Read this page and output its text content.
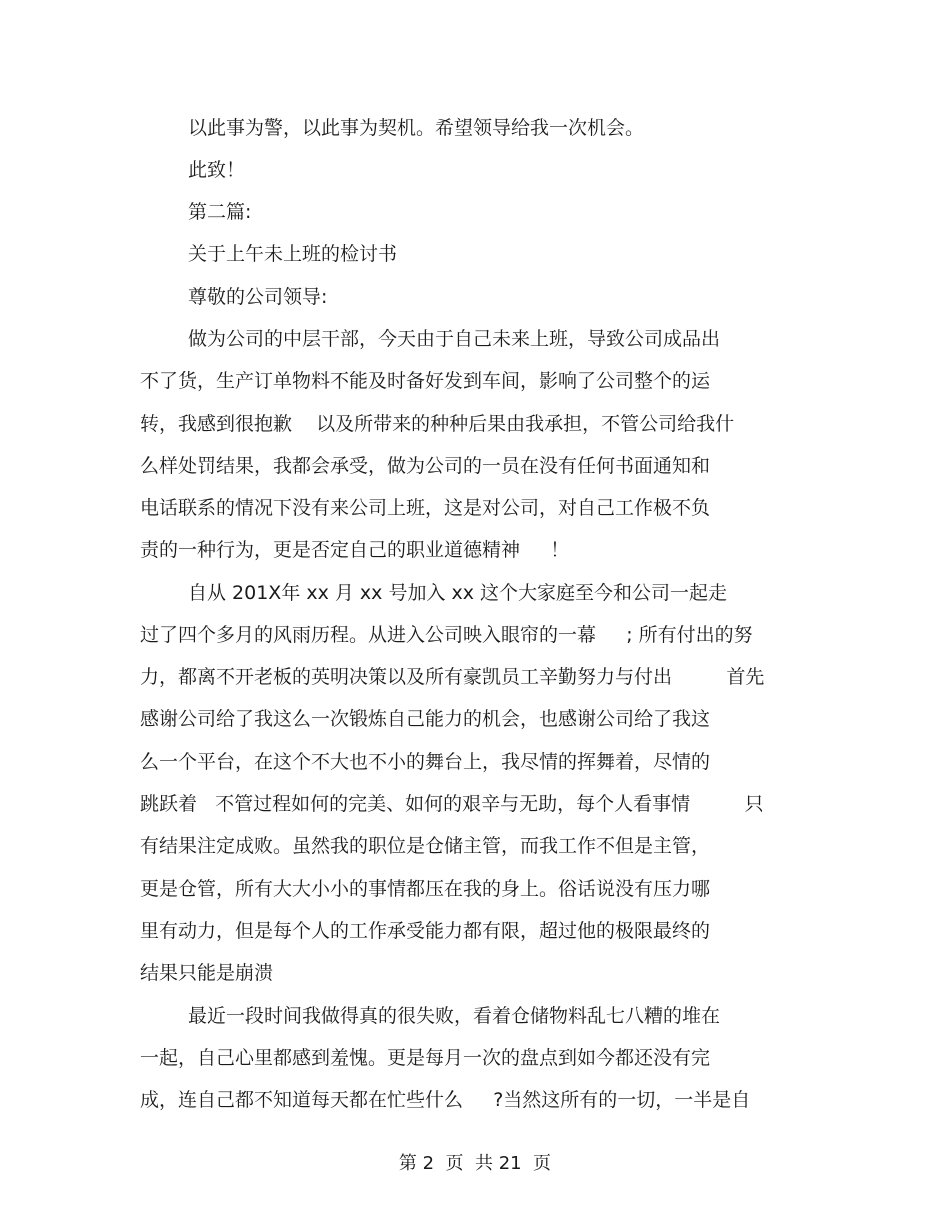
以此事为警，以此事为契机。希望领导给我一次机会。

此致！

第二篇:

关于上午未上班的检讨书

尊敬的公司领导:

做为公司的中层干部，今天由于自己未来上班，导致公司成品出

不了货，生产订单物料不能及时备好发到车间，影响了公司整个的运

转，我感到很抱歉    以及所带来的种种后果由我承担，不管公司给我什

么样处罚结果，我都会承受，做为公司的一员在没有任何书面通知和

电话联系的情况下没有来公司上班，这是对公司，对自己工作极不负

责的一种行为，更是否定自己的职业道德精神     ！

自从 201X年 xx 月 xx 号加入 xx 这个大家庭至今和公司一起走

过了四个多月的风雨历程。从进入公司映入眼帘的一幕     ; 所有付出的努

力，都离不开老板的英明决策以及所有豪凯员工辛勤努力与付出         首先

感谢公司给了我这么一次锻炼自己能力的机会，也感谢公司给了我这

么一个平台，在这个不大也不小的舞台上，我尽情的挥舞着，尽情的

跳跃着   不管过程如何的完美、如何的艰辛与无助，每个人看事情         只

有结果注定成败。虽然我的职位是仓储主管，而我工作不但是主管，

更是仓管，所有大大小小的事情都压在我的身上。俗话说没有压力哪

里有动力，但是每个人的工作承受能力都有限，超过他的极限最终的

结果只能是崩溃

最近一段时间我做得真的很失败，看着仓储物料乱七八糟的堆在

一起，自己心里都感到羞愧。更是每月一次的盘点到如今都还没有完

成，连自己都不知道每天都在忙些什么     ?当然这所有的一切，一半是自

第 2  页  共 21  页
